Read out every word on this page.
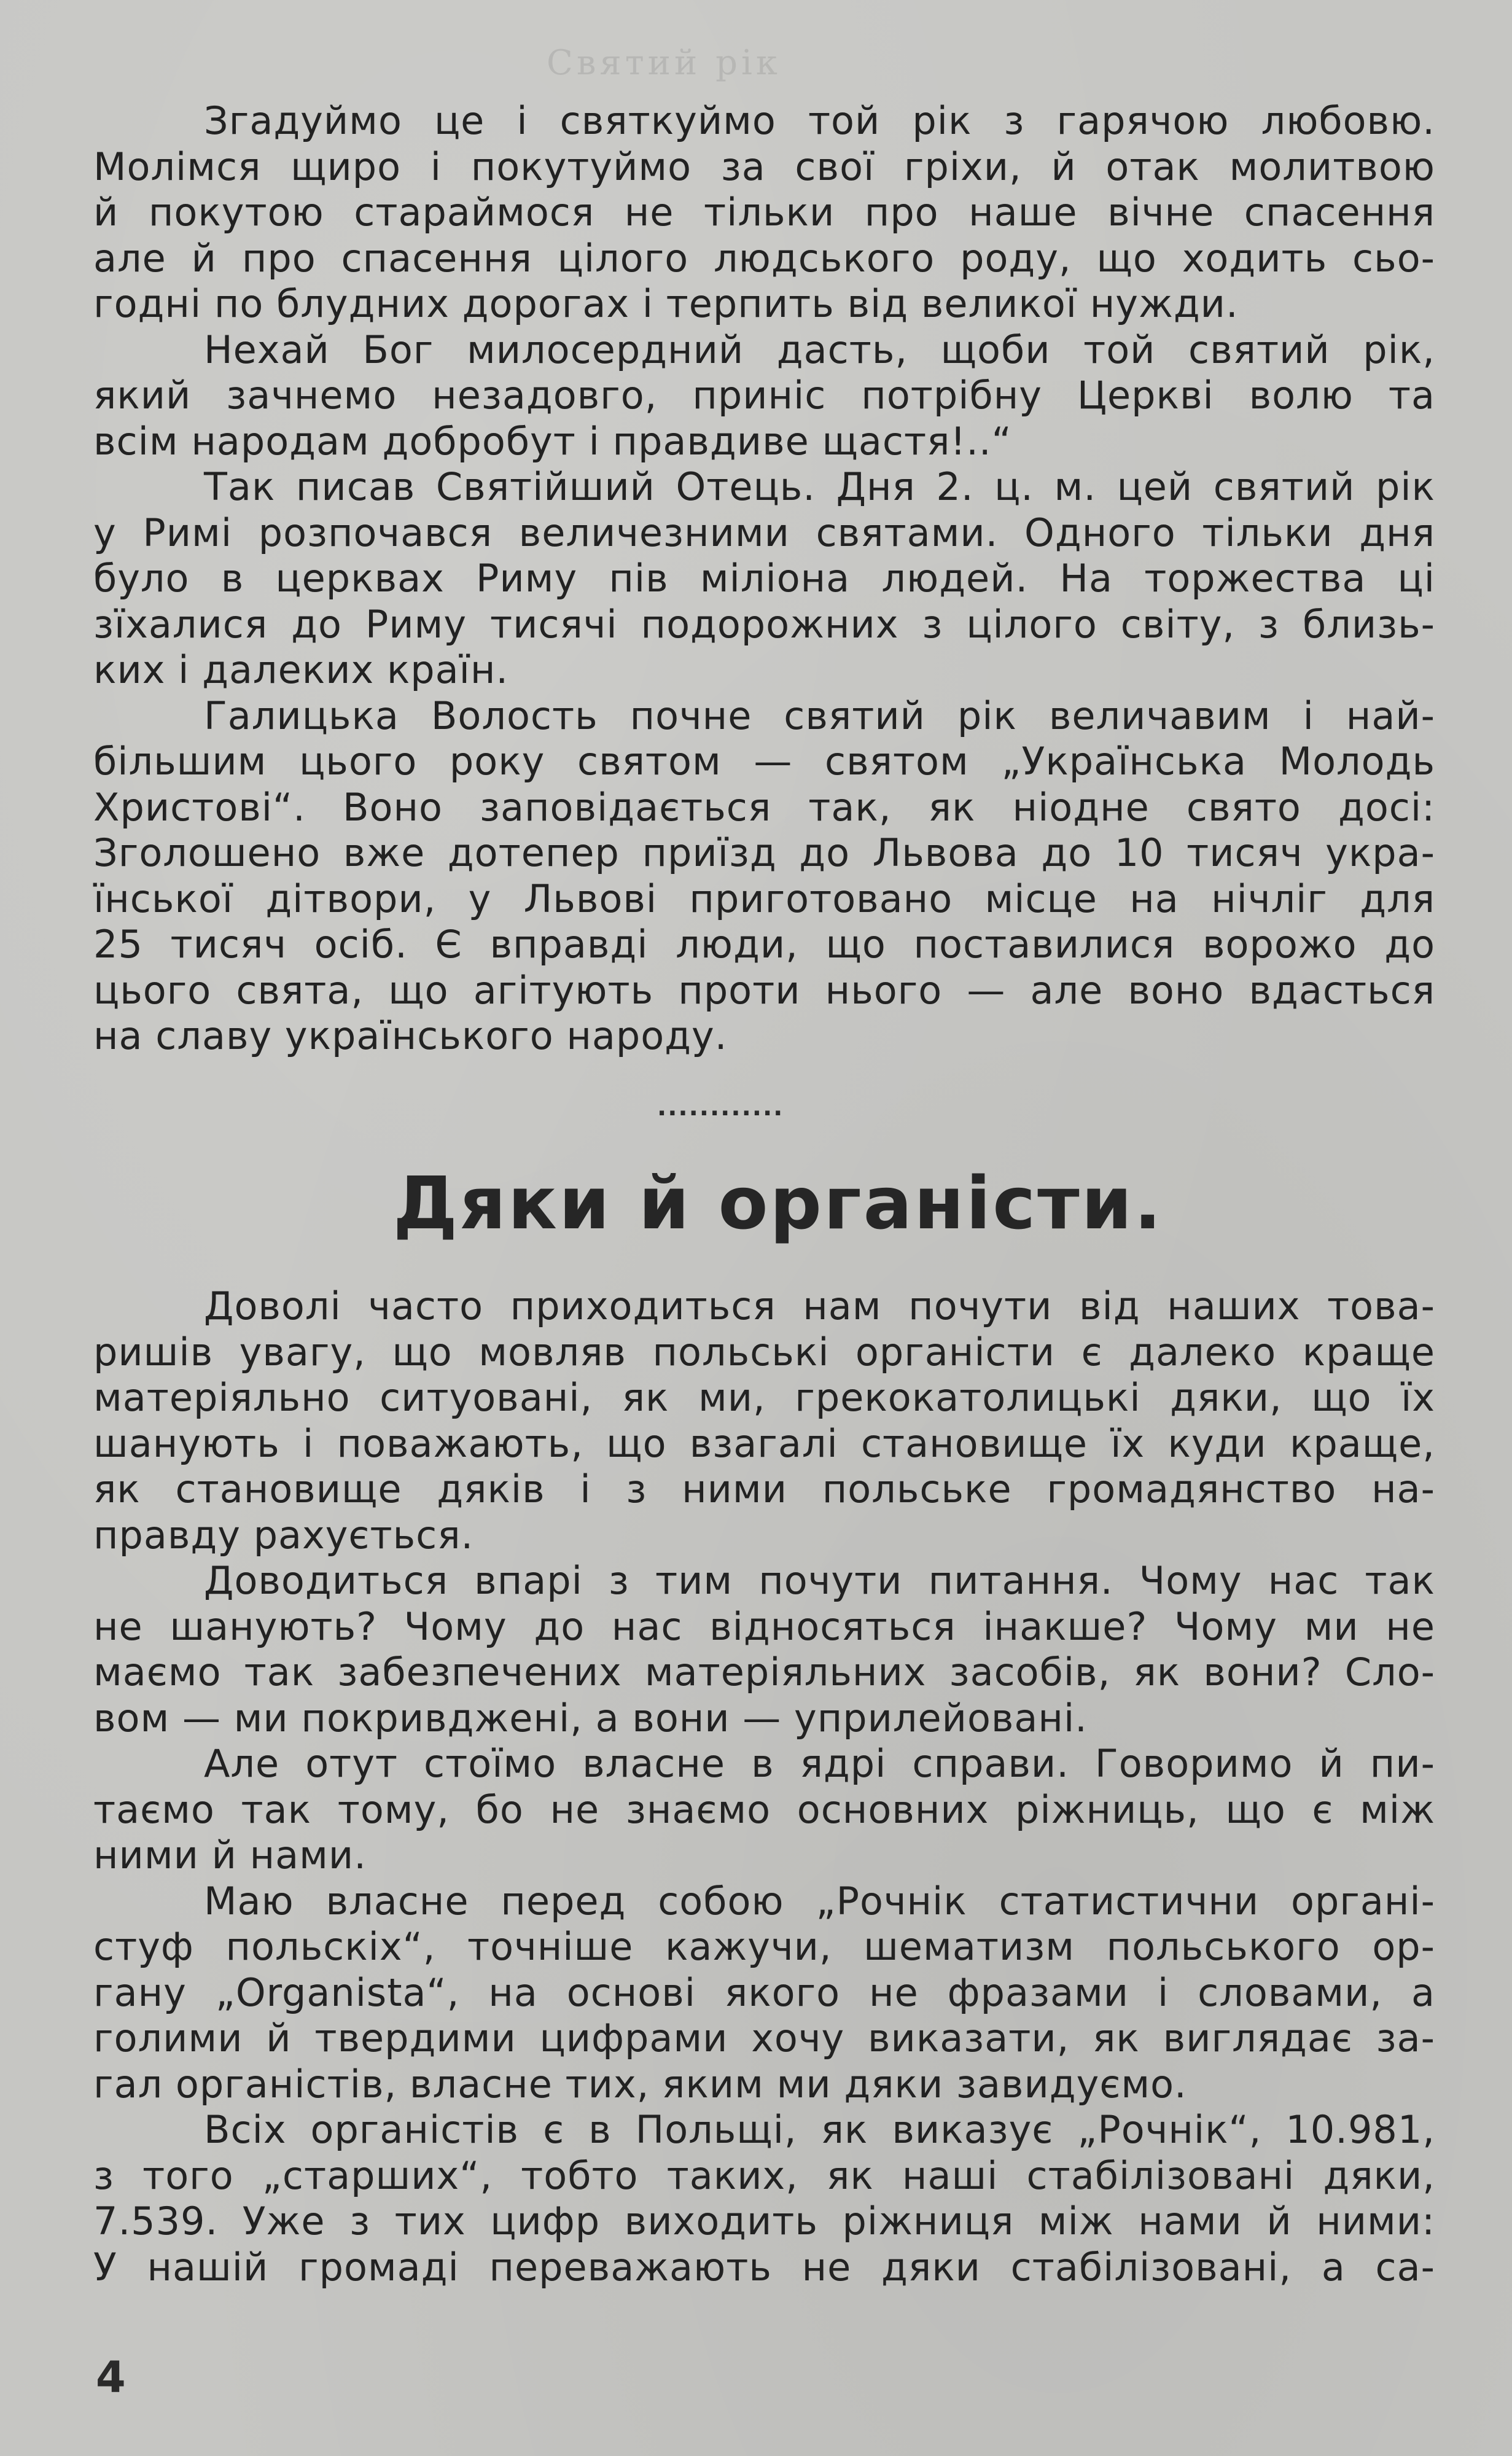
Святий рік

Згадуймо це і святкуймо той рік з гарячою любовю.
Молімся щиро і покутуймо за свої гріхи, й отак молитвою
й покутою стараймося не тільки про наше вічне спасення
але й про спасення цілого людського роду, що ходить сьо-
годні по блудних дорогах і терпить від великої нужди.

Нехай Бог милосердний дасть, щоби той святий рік,
який зачнемо незадовго, приніс потрібну Церкві волю та
всім народам добробут і правдиве щастя!..“

Так писав Святійший Отець. Дня 2. ц. м. цей святий рік
у Римі розпочався величезними святами. Одного тільки дня
було в церквах Риму пів міліона людей. На торжества ці
зїхалися до Риму тисячі подорожних з цілого світу, з близь-
ких і далеких країн.

Галицька Волость почне святий рік величавим і най-
більшим цього року святом — святом „Українська Молодь
Христові“. Воно заповідається так, як ніодне свято досі:
Зголошено вже дотепер приїзд до Львова до 10 тисяч укра-
їнської дітвори, у Львові приготовано місце на нічліг для
25 тисяч осіб. Є вправді люди, що поставилися ворожо до
цього свята, що агітують проти нього — але воно вдасться
на славу українського народу.

............
Дяки й органісти.

Доволі часто приходиться нам почути від наших това-
ришів увагу, що мовляв польські органісти є далеко краще
матеріяльно ситуовані, як ми, грекокатолицькі дяки, що їх
шанують і поважають, що взагалі становище їх куди краще,
як становище дяків і з ними польське громадянство на-
правду рахується.

Доводиться впарі з тим почути питання. Чому нас так
не шанують? Чому до нас відносяться інакше? Чому ми не
маємо так забезпечених матеріяльних засобів, як вони? Сло-
вом — ми покривджені, а вони — уприлейовані.

Але отут стоїмо власне в ядрі справи. Говоримо й пи-
таємо так тому, бо не знаємо основних ріжниць, що є між
ними й нами.

Маю власне перед собою „Рочнік статистични органі-
стуф польскіх“, точніше кажучи, шематизм польського ор-
гану „Organista“, на основі якого не фразами і словами, а
голими й твердими цифрами хочу виказати, як виглядає за-
гал органістів, власне тих, яким ми дяки завидуємо.

Всіх органістів є в Польщі, як виказує „Рочнік“, 10.981,
з того „старших“, тобто таких, як наші стабілізовані дяки,
7.539. Уже з тих цифр виходить ріжниця між нами й ними:
У нашій громаді переважають не дяки стабілізовані, а са-

4
